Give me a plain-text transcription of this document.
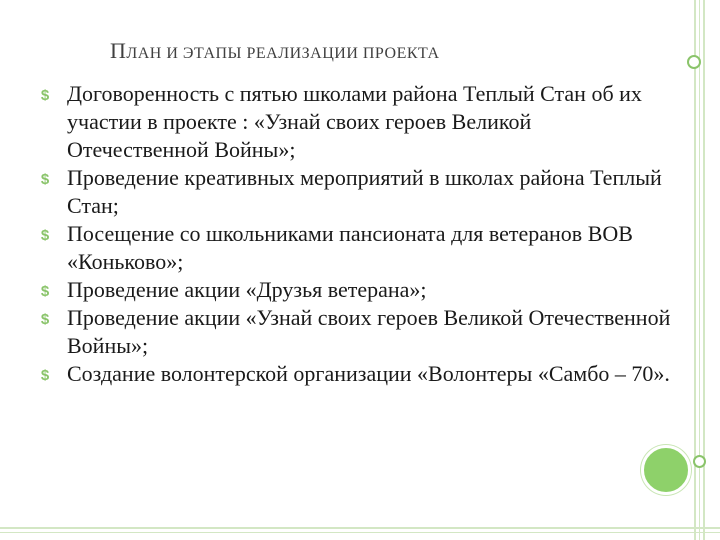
ПЛАН И ЭТАПЫ РЕАЛИЗАЦИИ ПРОЕКТА
$ Договоренность с пятью школами района Теплый Стан об их участии в проекте : «Узнай своих героев Великой Отечественной Войны»;
$ Проведение креативных мероприятий в школах района Теплый Стан;
$ Посещение со школьниками пансионата для ветеранов ВОВ «Коньково»;
$ Проведение акции «Друзья ветерана»;
$ Проведение акции «Узнай своих героев Великой Отечественной Войны»;
$ Создание волонтерской организации «Волонтеры «Самбо – 70».
